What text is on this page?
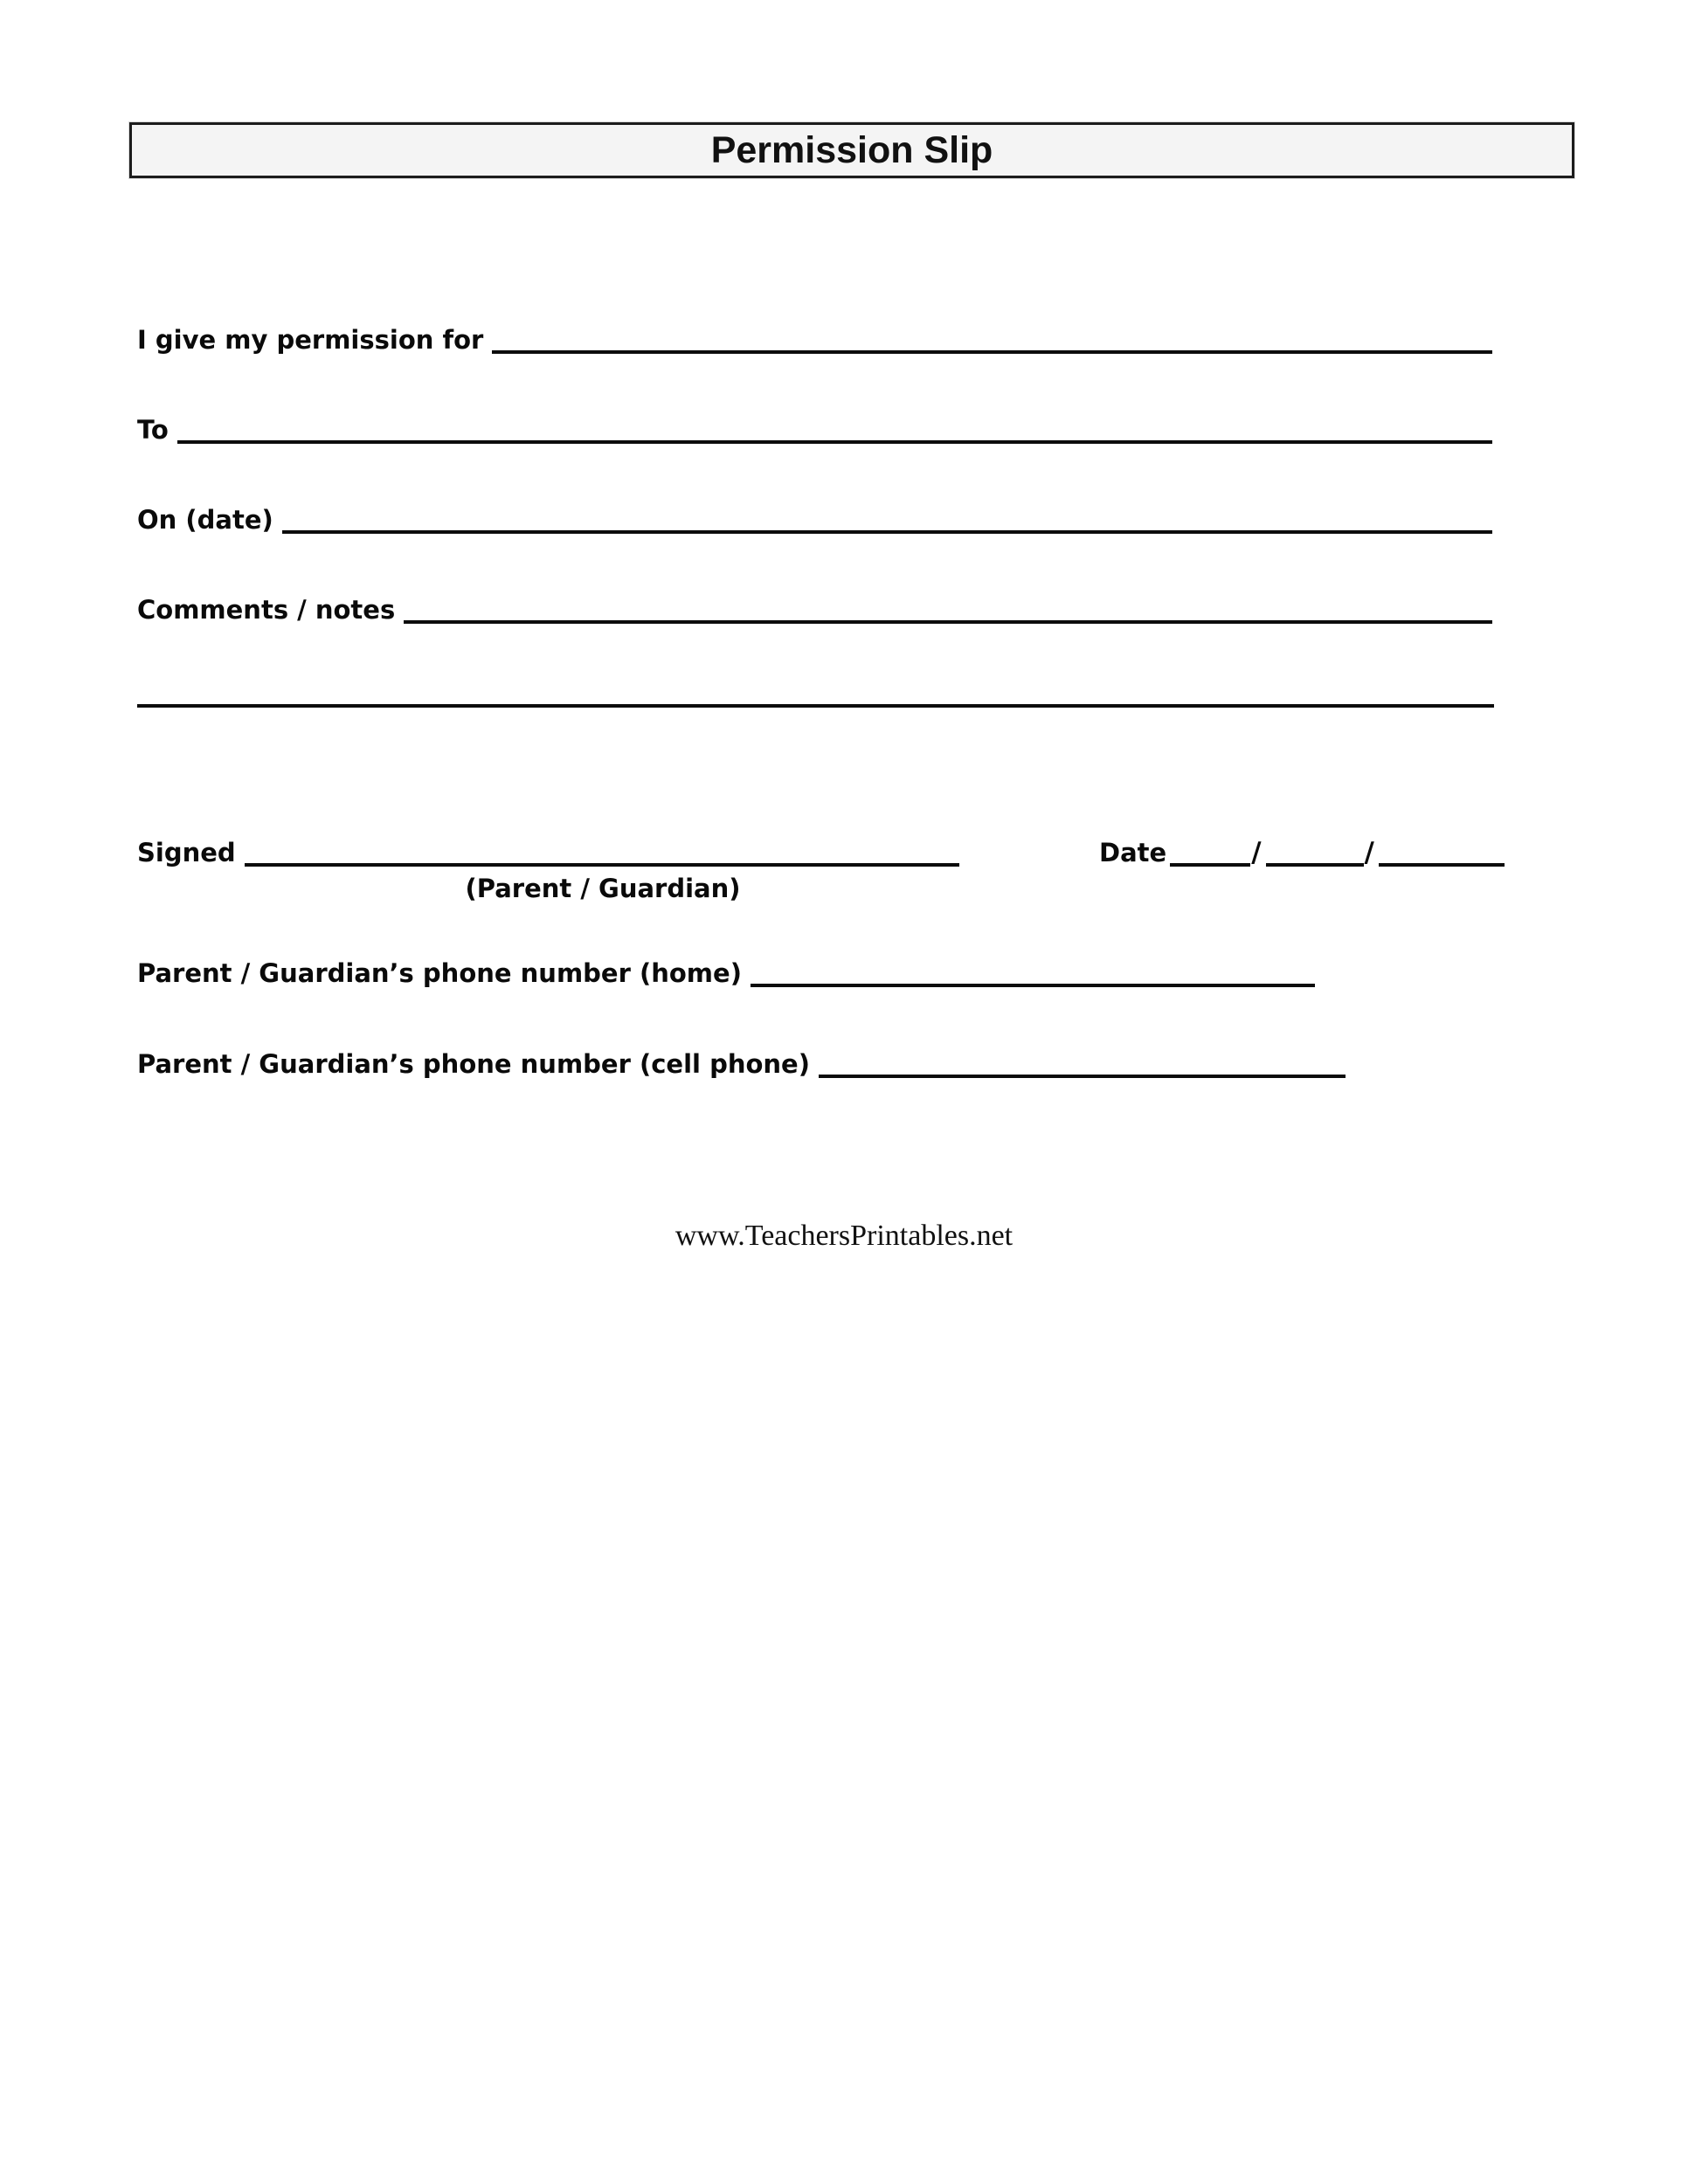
Permission Slip
I give my permission for
To
On (date)
Comments / notes
Signed
(Parent / Guardian)
Date	/	/
Parent / Guardian’s phone number (home)
Parent / Guardian’s phone number (cell phone)
www.TeachersPrintables.net
